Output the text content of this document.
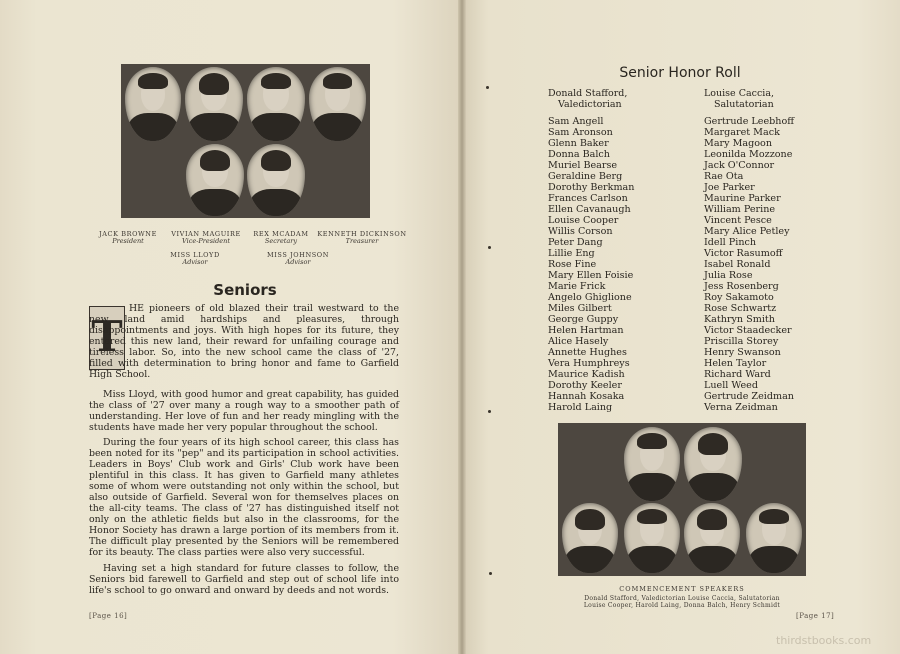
JACK BROWNE
President
VIVIAN MAGUIRE
Vice-President
REX MCADAM
Secretary
KENNETH DICKINSON
Treasurer
MISS LLOYD
Advisor
MISS JOHNSON
Advisor
Seniors
T

HE pioneers of old blazed their trail westward to the new land amid hardships and pleasures, through disappointments and joys. With high hopes for its future, they entered this new land, their reward for unfailing courage and tireless labor. So, into the new school came the class of '27, filled with determination to bring honor and fame to Garfield High School.

Miss Lloyd, with good humor and great capability, has guided the class of '27 over many a rough way to a smoother path of understanding. Her love of fun and her ready mingling with the students have made her very popular throughout the school.

During the four years of its high school career, this class has been noted for its "pep" and its participation in school activities. Leaders in Boys' Club work and Girls' Club work have been plentiful in this class. It has given to Garfield many athletes some of whom were outstanding not only within the school, but also outside of Garfield. Several won for themselves places on the all-city teams. The class of '27 has distinguished itself not only on the athletic fields but also in the classrooms, for the Honor Society has drawn a large portion of its members from it. The difficult play presented by the Seniors will be remembered for its beauty. The class parties were also very successful.

Having set a high standard for future classes to follow, the Seniors bid farewell to Garfield and step out of school life into life's school to go onward and onward by deeds and not words.

[Page 16]
Senior Honor Roll
Donald Stafford,
Valedictorian
Louise Caccia,
Salutatorian
Sam Angell
Sam Aronson
Glenn Baker
Donna Balch
Muriel Bearse
Geraldine Berg
Dorothy Berkman
Frances Carlson
Ellen Cavanaugh
Louise Cooper
Willis Corson
Peter Dang
Lillie Eng
Rose Fine
Mary Ellen Foisie
Marie Frick
Angelo Ghiglione
Miles Gilbert
George Guppy
Helen Hartman
Alice Hasely
Annette Hughes
Vera Humphreys
Maurice Kadish
Dorothy Keeler
Hannah Kosaka
Harold Laing
Gertrude Leebhoff
Margaret Mack
Mary Magoon
Leonilda Mozzone
Jack O'Connor
Rae Ota
Joe Parker
Maurine Parker
William Perine
Vincent Pesce
Mary Alice Petley
Idell Pinch
Victor Rasumoff
Isabel Ronald
Julia Rose
Jess Rosenberg
Roy Sakamoto
Rose Schwartz
Kathryn Smith
Victor Staadecker
Priscilla Storey
Henry Swanson
Helen Taylor
Richard Ward
Luell Weed
Gertrude Zeidman
Verna Zeidman
COMMENCEMENT SPEAKERS
Donald Stafford, Valedictorian Louise Caccia, Salutatorian
Louise Cooper, Harold Laing, Donna Balch, Henry Schmidt
[Page 17]
thirdstbooks.com
